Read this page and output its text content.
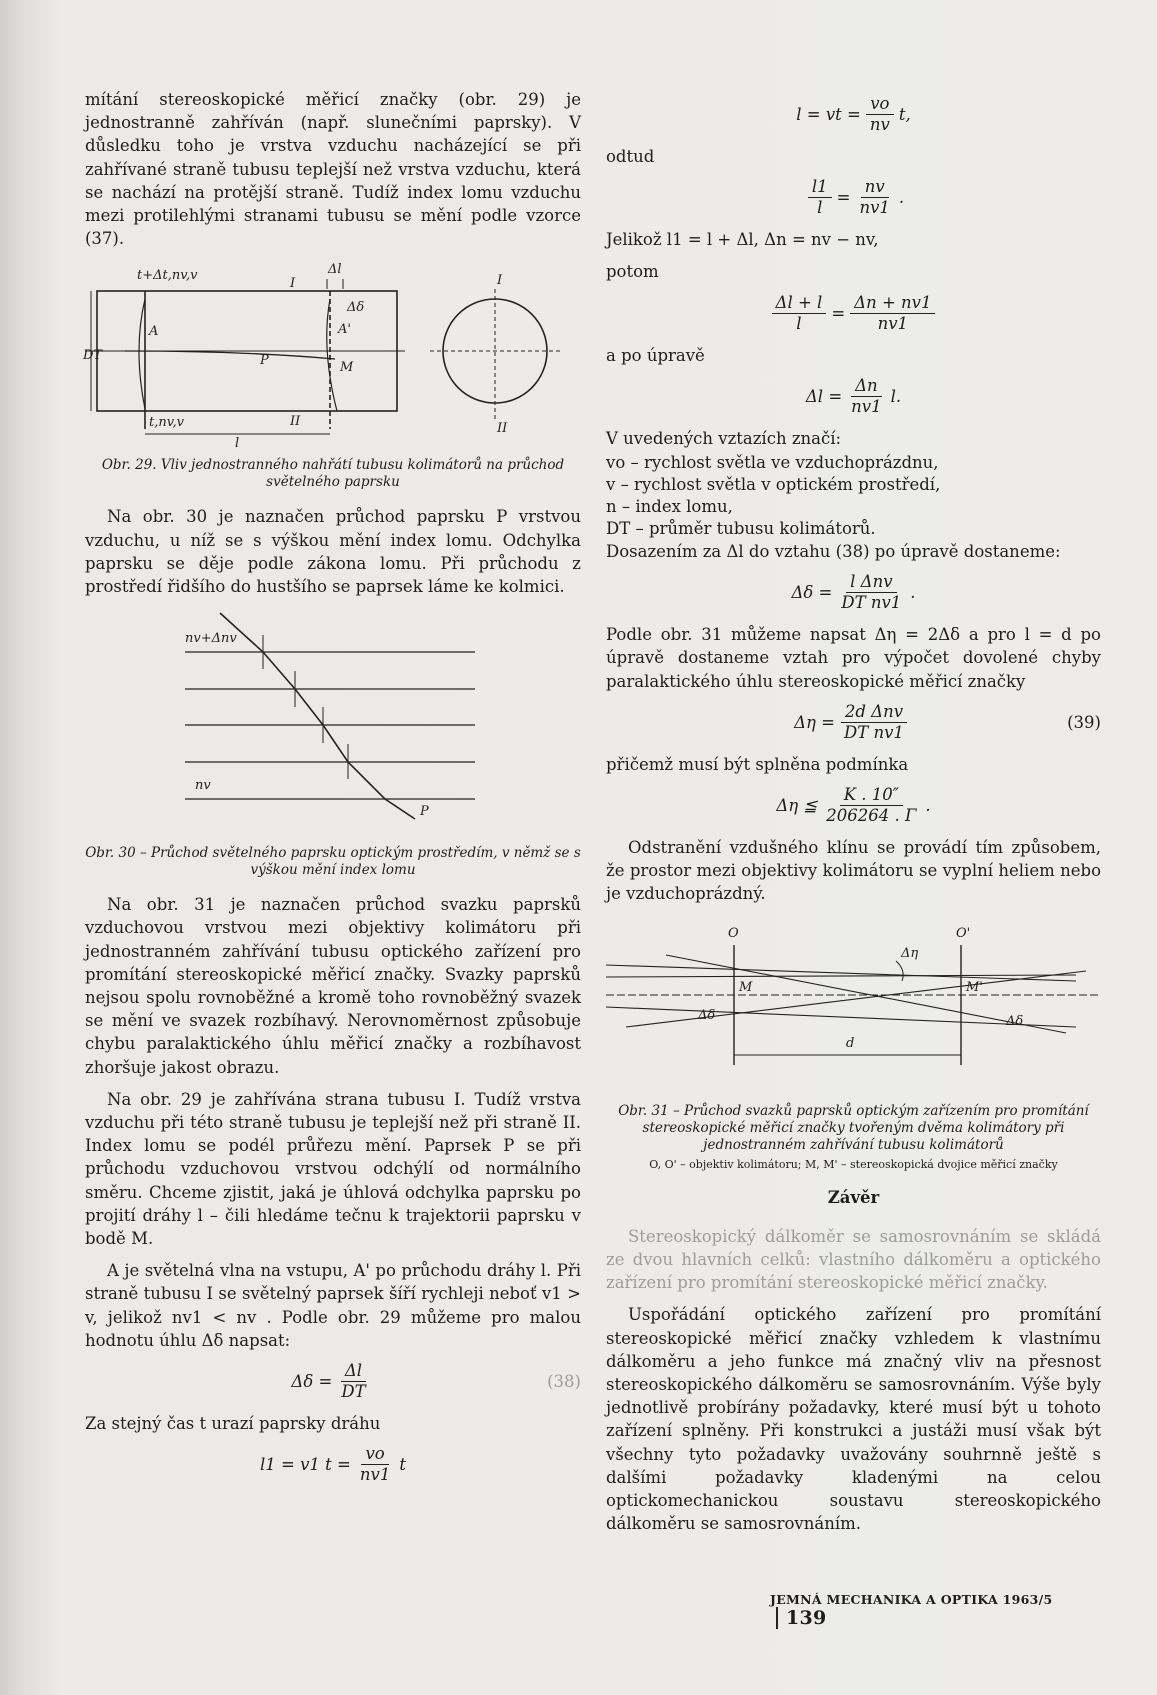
mítání stereoskopické měřicí značky (obr. 29) je jednostranně zahříván (např. slunečními paprsky). V důsledku toho je vrstva vzduchu nacházející se při zahřívané straně tubusu teplejší než vrstva vzduchu, která se nachází na protější straně. Tudíž index lomu vzduchu mezi protilehlými stranami tubusu se mění podle vzorce (37).

t+Δt,nv,v
I
Δl
Δδ
A	A'
P	M
DT
t,nv,v	II
l
I
II
Obr. 29. Vliv jednostranného nahřátí tubusu kolimátorů na průchod světelného paprsku

Na obr. 30 je naznačen průchod paprsku P vrstvou vzduchu, u níž se s výškou mění index lomu. Odchylka paprsku se děje podle zákona lomu. Při průchodu z prostředí řidšího do hustšího se paprsek láme ke kolmici.

nv+Δnv
nv
P
Obr. 30 – Průchod světelného paprsku optickým prostředím, v němž se s výškou mění index lomu

Na obr. 31 je naznačen průchod svazku paprsků vzduchovou vrstvou mezi objektivy kolimátoru při jednostranném zahřívání tubusu optického zařízení pro promítání stereoskopické měřicí značky. Svazky paprsků nejsou spolu rovnoběžné a kromě toho rovnoběžný svazek se mění ve svazek rozbíhavý. Nerovnoměrnost způsobuje chybu paralaktického úhlu měřicí značky a rozbíhavost zhoršuje jakost obrazu.

Na obr. 29 je zahřívána strana tubusu I. Tudíž vrstva vzduchu při této straně tubusu je teplejší než při straně II. Index lomu se podél průřezu mění. Paprsek P se při průchodu vzduchovou vrstvou odchýlí od normálního směru. Chceme zjistit, jaká je úhlová odchylka paprsku po projití dráhy l – čili hledáme tečnu k trajektorii paprsku v bodě M.

A je světelná vlna na vstupu, A' po průchodu dráhy l. Při straně tubusu I se světelný paprsek šíří rychleji neboť v1 > v, jelikož nv1 < nv . Podle obr. 29 můžeme pro malou hodnotu úhlu Δδ napsat:

$\Delta\delta = \frac{\Delta l}{DT}$	(38)

Za stejný čas t urazí paprsky dráhu

l1 = v1 $t = \frac{vo}{nv1}$ t
l = vt = $\frac{vo}{nv} t$,

odtud

$\frac{l1}{l} = \frac{nv}{nv1}$ .

Jelikož l1 = l + Δl, Δn = nv − nv,

potom

$\frac{\Delta l + l}{l} = \frac{\Delta n + nv1}{nv1}$

a po úpravě

$\Delta l = \frac{\Delta n}{nv1} l$.

V uvedených vztazích značí:

vo – rychlost světla ve vzduchoprázdnu,
v – rychlost světla v optickém prostředí,
n – index lomu,
DT – průměr tubusu kolimátorů.

Dosazením za Δl do vztahu (38) po úpravě dostaneme:

$\Delta\delta = \frac{\text{l Δnv}}{\text{DT nv1}}$ .

Podle obr. 31 můžeme napsat Δη = 2Δδ a pro l = d po úpravě dostaneme vztah pro výpočet dovolené chyby paralaktického úhlu stereoskopické měřicí značky

$\Delta\eta = \frac{\text{2d Δnv}}{\text{DT nv1}}$	(39)

přičemž musí být splněna podmínka

Δη ≦ $\frac{K . 10''}{206264 . \Gamma}$ .

Odstranění vzdušného klínu se provádí tím způsobem, že prostor mezi objektivy kolimátoru se vyplní heliem nebo je vzduchoprázdný.

O	O'
Δη
M	M'
d
Δδ	Δδ
Obr. 31 – Průchod svazků paprsků optickým zařízením pro promítání stereoskopické měřicí značky tvořeným dvěma kolimátory při jednostranném zahřívání tubusu kolimátorů
O, O' – objektiv kolimátoru; M, M' – stereoskopická dvojice měřicí značky
Závěr

Stereoskopický dálkoměr se samosrovnáním se skládá ze dvou hlavních celků: vlastního dálkoměru a optického zařízení pro promítání stereoskopické měřicí značky.

Uspořádání optického zařízení pro promítání stereoskopické měřicí značky vzhledem k vlastnímu dálkoměru a jeho funkce má značný vliv na přesnost stereoskopického dálkoměru se samosrovnáním. Výše byly jednotlivě probírány požadavky, které musí být u tohoto zařízení splněny. Při konstrukci a justáži musí však být všechny tyto požadavky uvažovány souhrnně ještě s dalšími požadavky kladenými na celou optickomechanickou soustavu stereoskopického dálkoměru se samosrovnáním.

JEMNÁ MECHANIKA A OPTIKA 1963/5 139
